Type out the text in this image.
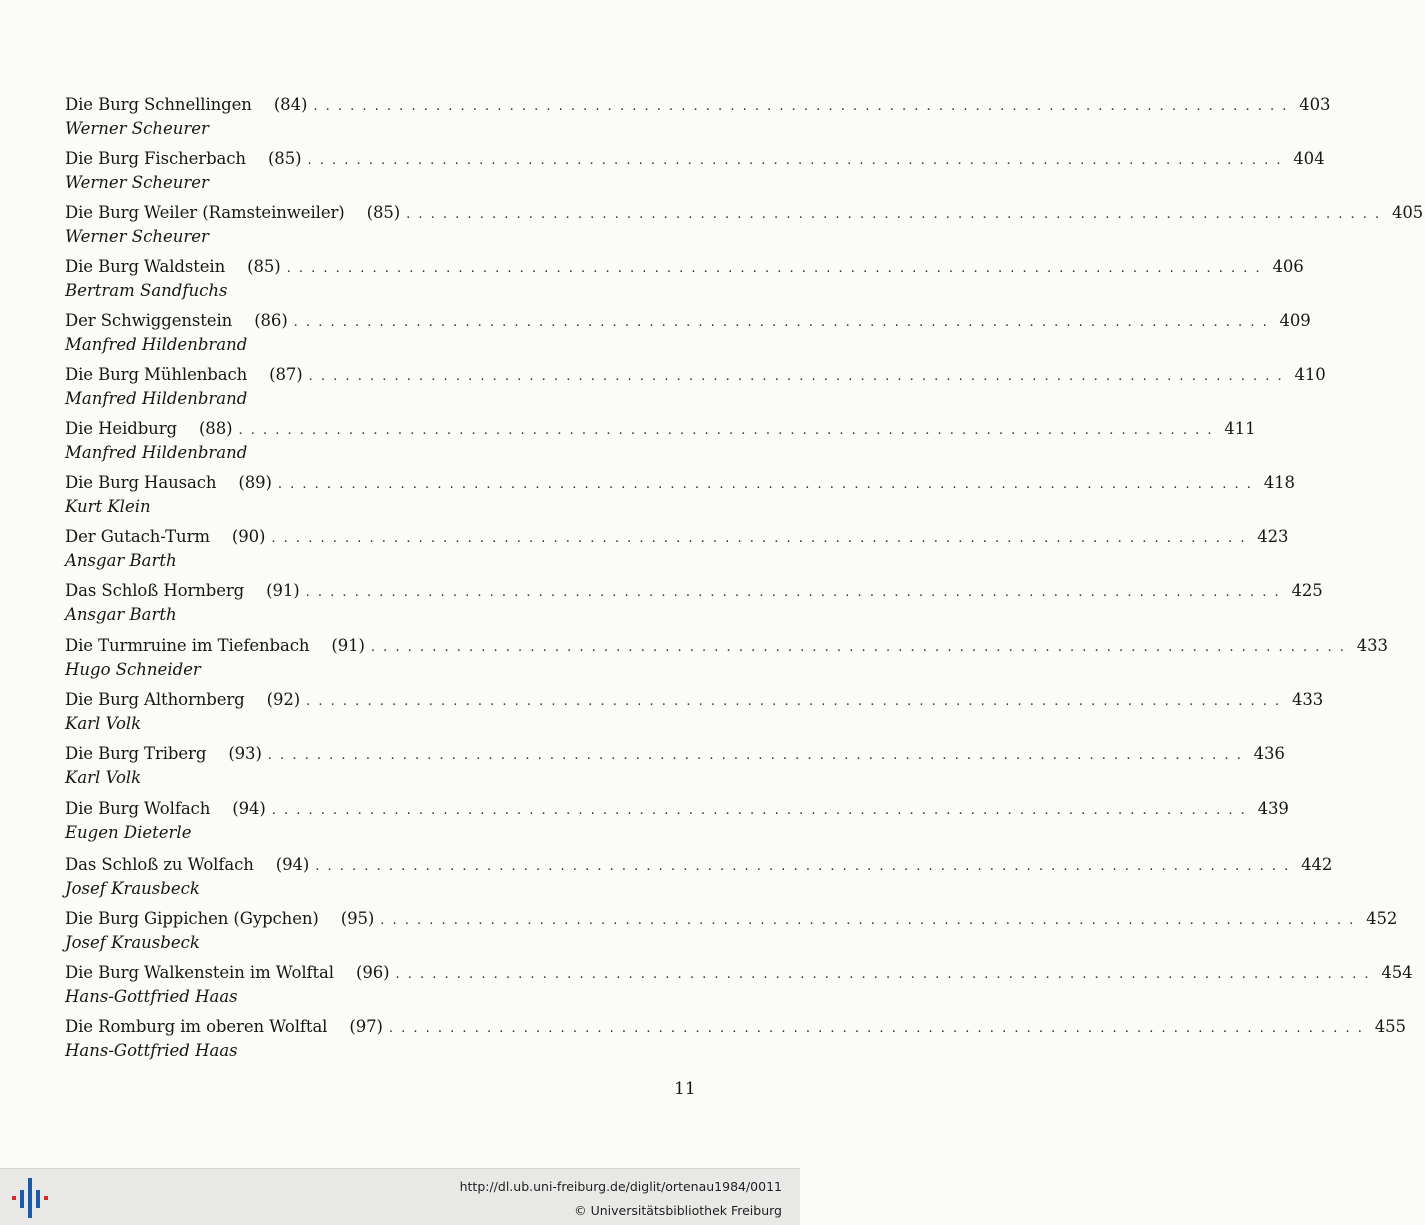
Die Burg Schnellingen (84) . . . . . . . . . . . . . . . . . . . . . . . . . . . . . . . . . . . . . . . . . . . . . . . . . . . . . . . . . . . . . . . . . . . . . . . . . . . . . . . . 403
Werner Scheurer
Die Burg Fischerbach (85) . . . . . . . . . . . . . . . . . . . . . . . . . . . . . . . . . . . . . . . . . . . . . . . . . . . . . . . . . . . . . . . . . . . . . . . . . . . . . . . . 404
Werner Scheurer
Die Burg Weiler (Ramsteinweiler) (85) . . . . . . . . . . . . . . . . . . . . . . . . . . . . . . . . . . . . . . . . . . . . . . . . . . . . . . . . . . . . . . . . . . . . . . . . . . . . . . . . 405
Werner Scheurer
Die Burg Waldstein (85) . . . . . . . . . . . . . . . . . . . . . . . . . . . . . . . . . . . . . . . . . . . . . . . . . . . . . . . . . . . . . . . . . . . . . . . . . . . . . . . . 406
Bertram Sandfuchs
Der Schwiggenstein (86) . . . . . . . . . . . . . . . . . . . . . . . . . . . . . . . . . . . . . . . . . . . . . . . . . . . . . . . . . . . . . . . . . . . . . . . . . . . . . . . . 409
Manfred Hildenbrand
Die Burg Mühlenbach (87) . . . . . . . . . . . . . . . . . . . . . . . . . . . . . . . . . . . . . . . . . . . . . . . . . . . . . . . . . . . . . . . . . . . . . . . . . . . . . . . . 410
Manfred Hildenbrand
Die Heidburg (88) . . . . . . . . . . . . . . . . . . . . . . . . . . . . . . . . . . . . . . . . . . . . . . . . . . . . . . . . . . . . . . . . . . . . . . . . . . . . . . . . 411
Manfred Hildenbrand
Die Burg Hausach (89) . . . . . . . . . . . . . . . . . . . . . . . . . . . . . . . . . . . . . . . . . . . . . . . . . . . . . . . . . . . . . . . . . . . . . . . . . . . . . . . . 418
Kurt Klein
Der Gutach-Turm (90) . . . . . . . . . . . . . . . . . . . . . . . . . . . . . . . . . . . . . . . . . . . . . . . . . . . . . . . . . . . . . . . . . . . . . . . . . . . . . . . . 423
Ansgar Barth
Das Schloß Hornberg (91) . . . . . . . . . . . . . . . . . . . . . . . . . . . . . . . . . . . . . . . . . . . . . . . . . . . . . . . . . . . . . . . . . . . . . . . . . . . . . . . . 425
Ansgar Barth
Die Turmruine im Tiefenbach (91) . . . . . . . . . . . . . . . . . . . . . . . . . . . . . . . . . . . . . . . . . . . . . . . . . . . . . . . . . . . . . . . . . . . . . . . . . . . . . . . . 433
Hugo Schneider
Die Burg Althornberg (92) . . . . . . . . . . . . . . . . . . . . . . . . . . . . . . . . . . . . . . . . . . . . . . . . . . . . . . . . . . . . . . . . . . . . . . . . . . . . . . . . 433
Karl Volk
Die Burg Triberg (93) . . . . . . . . . . . . . . . . . . . . . . . . . . . . . . . . . . . . . . . . . . . . . . . . . . . . . . . . . . . . . . . . . . . . . . . . . . . . . . . . 436
Karl Volk
Die Burg Wolfach (94) . . . . . . . . . . . . . . . . . . . . . . . . . . . . . . . . . . . . . . . . . . . . . . . . . . . . . . . . . . . . . . . . . . . . . . . . . . . . . . . . 439
Eugen Dieterle
Das Schloß zu Wolfach (94) . . . . . . . . . . . . . . . . . . . . . . . . . . . . . . . . . . . . . . . . . . . . . . . . . . . . . . . . . . . . . . . . . . . . . . . . . . . . . . . . 442
Josef Krausbeck
Die Burg Gippichen (Gypchen) (95) . . . . . . . . . . . . . . . . . . . . . . . . . . . . . . . . . . . . . . . . . . . . . . . . . . . . . . . . . . . . . . . . . . . . . . . . . . . . . . . . 452
Josef Krausbeck
Die Burg Walkenstein im Wolftal (96) . . . . . . . . . . . . . . . . . . . . . . . . . . . . . . . . . . . . . . . . . . . . . . . . . . . . . . . . . . . . . . . . . . . . . . . . . . . . . . . . 454
Hans-Gottfried Haas
Die Romburg im oberen Wolftal (97) . . . . . . . . . . . . . . . . . . . . . . . . . . . . . . . . . . . . . . . . . . . . . . . . . . . . . . . . . . . . . . . . . . . . . . . . . . . . . . . . 455
Hans-Gottfried Haas
11
http://dl.ub.uni-freiburg.de/diglit/ortenau1984/0011
© Universitätsbibliothek Freiburg
